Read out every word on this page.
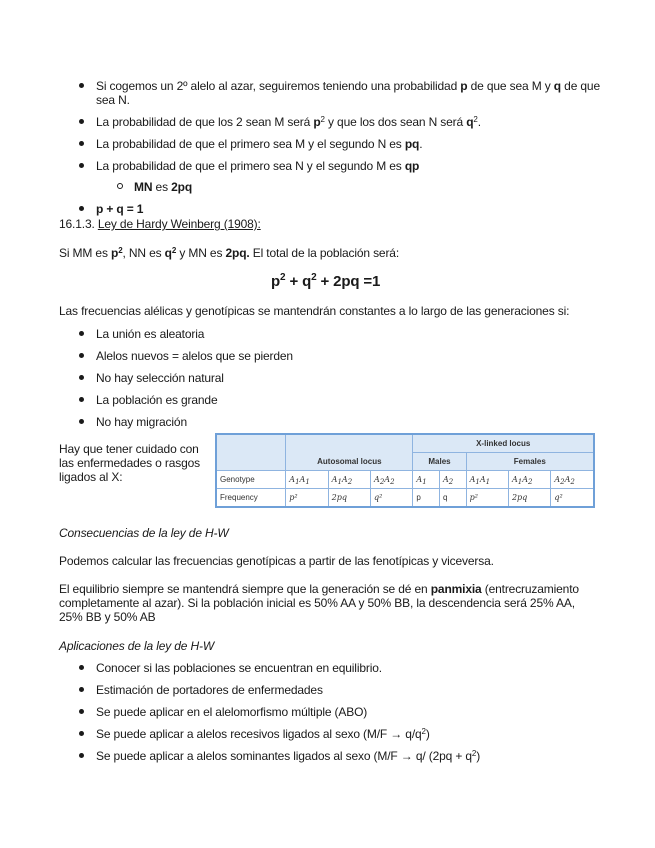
Si cogemos un 2º alelo al azar, seguiremos teniendo una probabilidad p de que sea M y q de que
sea N.
La probabilidad de que los 2 sean M será $p^2$ y que los dos sean N será $q^2$.
La probabilidad de que el primero sea M y el segundo N es pq.
La probabilidad de que el primero sea N y el segundo M es qp
MN es 2pq
p + q = 1
16.1.3. Ley de Hardy Weinberg (1908):
Si MM es $p^2$, NN es $q^2$ y MN es 2pq. El total de la población será:
$p^2 + q^2 + 2pq =1$
Las frecuencias alélicas y genotípicas se mantendrán constantes a lo largo de las generaciones si:
La unión es aleatoria
Alelos nuevos = alelos que se pierden
No hay selección natural
La población es grande
No hay migración
Hay que tener cuidado con
las enfermedades o rasgos
ligados al X:
				X-linked locus				
	Autosomal locus			Males		Females		
Genotype	$A_1A_1$	$A_1A_2$	$A_2A_2$	$A_1$	$A_2$	$A_1A_1$	$A_1A_2$	$A_2A_2$
Frequency	p²	2pq	q²	p	q	p²	2pq	q²
Consecuencias de la ley de H-W
Podemos calcular las frecuencias genotípicas a partir de las fenotípicas y viceversa.
El equilibrio siempre se mantendrá siempre que la generación se dé en panmixia (entrecruzamiento
completamente al azar). Si la población inicial es 50% AA y 50% BB, la descendencia será 25% AA,
25% BB y 50% AB
Aplicaciones de la ley de H-W
Conocer si las poblaciones se encuentran en equilibrio.
Estimación de portadores de enfermedades
Se puede aplicar en el alelomorfismo múltiple (ABO)
Se puede aplicar a alelos recesivos ligados al sexo $(M/F \to q/q^2)$
Se puede aplicar a alelos sominantes ligados al sexo (M/F → q/ $(2pq + q^2)$
